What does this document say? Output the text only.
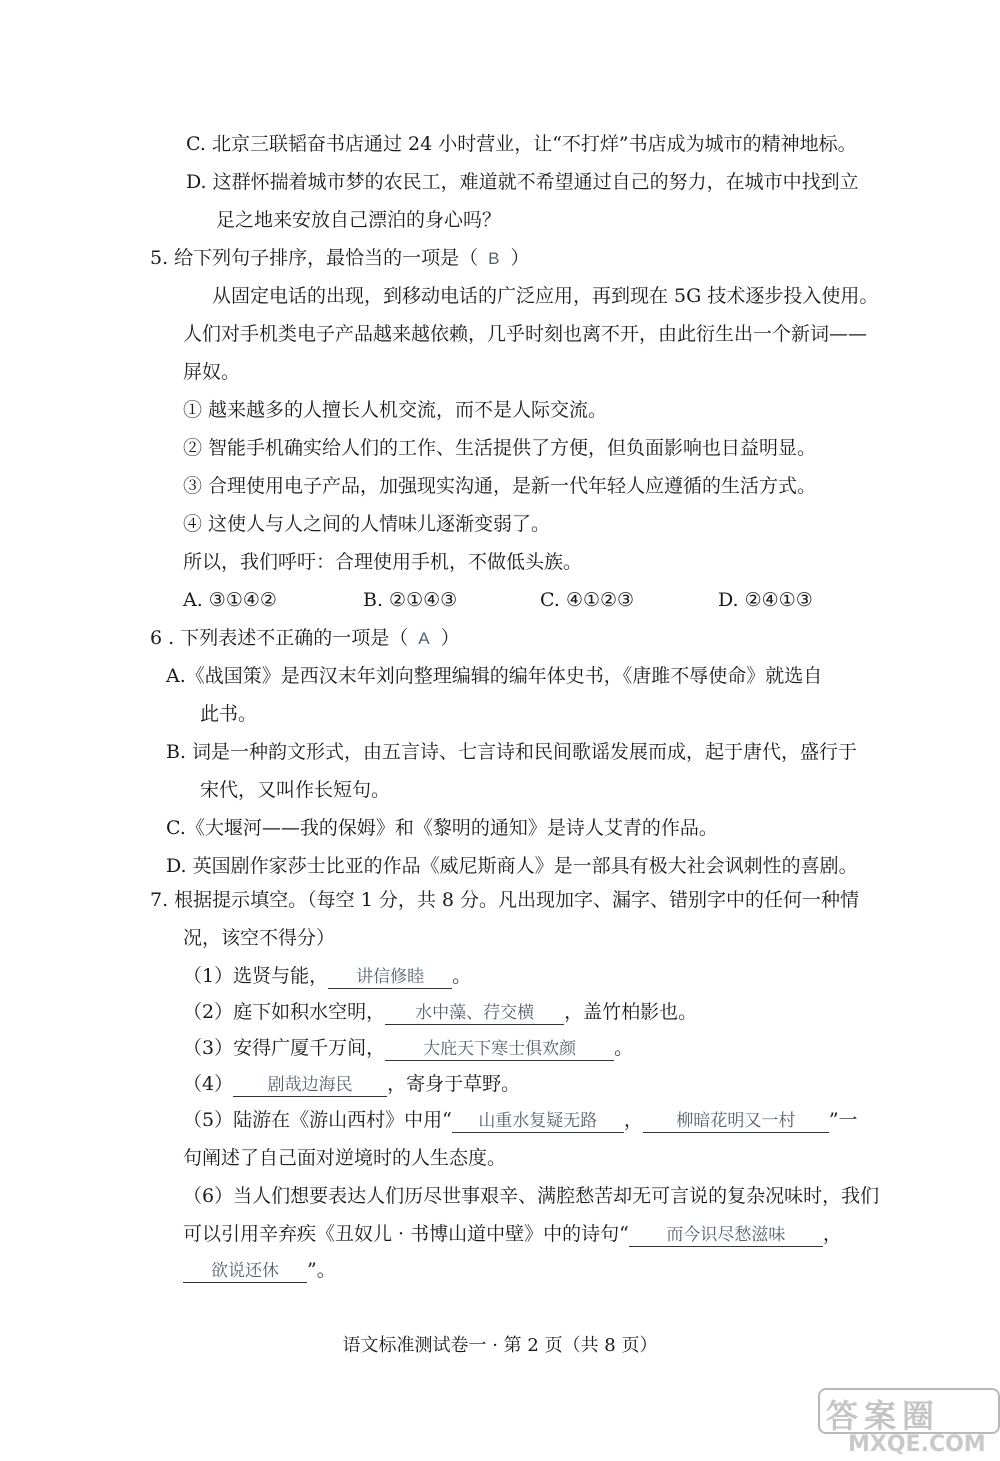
C. 北京三联韬奋书店通过 24 小时营业，让“不打烊”书店成为城市的精神地标。
D. 这群怀揣着城市梦的农民工，难道就不希望通过自己的努力，在城市中找到立
足之地来安放自己漂泊的身心吗？
5. 给下列句子排序，最恰当的一项是（ B ）
从固定电话的出现，到移动电话的广泛应用，再到现在 5G 技术逐步投入使用。
人们对手机类电子产品越来越依赖，几乎时刻也离不开，由此衍生出一个新词——
屏奴。
① 越来越多的人擅长人机交流，而不是人际交流。
② 智能手机确实给人们的工作、生活提供了方便，但负面影响也日益明显。
③ 合理使用电子产品，加强现实沟通，是新一代年轻人应遵循的生活方式。
④ 这使人与人之间的人情味儿逐渐变弱了。
所以，我们呼吁：合理使用手机，不做低头族。
A. ③①④②	B. ②①④③	C. ④①②③	D. ②④①③
6 . 下列表述不正确的一项是（ A ）
A.《战国策》是西汉末年刘向整理编辑的编年体史书，《唐雎不辱使命》就选自
此书。
B. 词是一种韵文形式，由五言诗、七言诗和民间歌谣发展而成，起于唐代，盛行于
宋代，又叫作长短句。
C.《大堰河——我的保姆》和《黎明的通知》是诗人艾青的作品。
D. 英国剧作家莎士比亚的作品《威尼斯商人》是一部具有极大社会讽刺性的喜剧。
7. 根据提示填空。（每空 1 分，共 8 分。凡出现加字、漏字、错别字中的任何一种情
况，该空不得分）
（1）选贤与能， 讲信修睦 。
（2）庭下如积水空明， 水中藻、荇交横 ，盖竹柏影也。
（3）安得广厦千万间， 大庇天下寒士俱欢颜 。
（4） 剧哉边海民 ，寄身于草野。
（5）陆游在《游山西村》中用“ 山重水复疑无路 ， 柳暗花明又一村 ”一
句阐述了自己面对逆境时的人生态度。
（6）当人们想要表达人们历尽世事艰辛、满腔愁苦却无可言说的复杂况味时，我们
可以引用辛弃疾《丑奴儿 · 书博山道中壁》中的诗句“ 而今识尽愁滋味 ，
欲说还休 ”。
语文标准测试卷一 · 第 2 页（共 8 页）
答案圈
MXQE.COM
